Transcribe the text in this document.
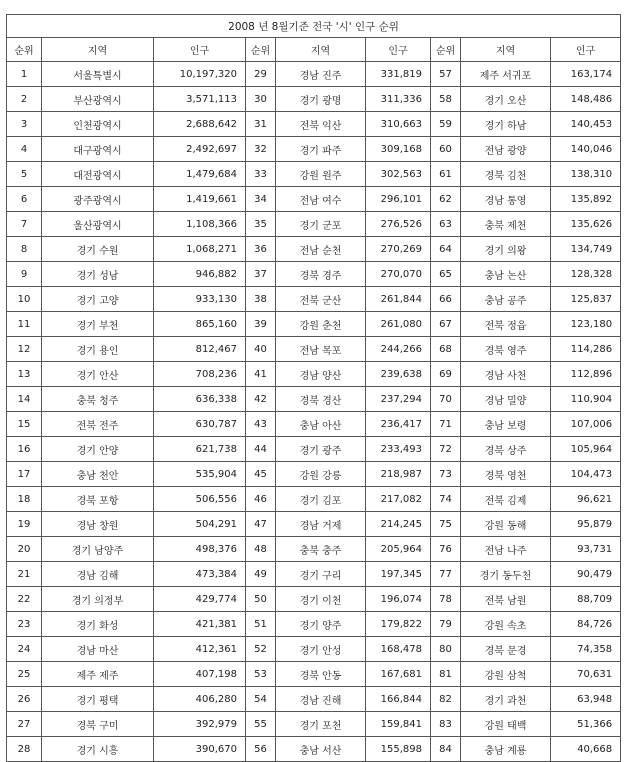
2008 년 8월기준 전국 '시' 인구 순위								
순위	지역	인구	순위	지역	인구	순위	지역	인구
1	서울특별시	10,197,320	29	경남 진주	331,819	57	제주 서귀포	163,174
2	부산광역시	3,571,113	30	경기 광명	311,336	58	경기 오산	148,486
3	인천광역시	2,688,642	31	전북 익산	310,663	59	경기 하남	140,453
4	대구광역시	2,492,697	32	경기 파주	309,168	60	전남 광양	140,046
5	대전광역시	1,479,684	33	강원 원주	302,563	61	경북 김천	138,310
6	광주광역시	1,419,661	34	전남 여수	296,101	62	경남 통영	135,892
7	울산광역시	1,108,366	35	경기 군포	276,526	63	충북 제천	135,626
8	경기 수원	1,068,271	36	전남 순천	270,269	64	경기 의왕	134,749
9	경기 성남	946,882	37	경북 경주	270,070	65	충남 논산	128,328
10	경기 고양	933,130	38	전북 군산	261,844	66	충남 공주	125,837
11	경기 부천	865,160	39	강원 춘천	261,080	67	전북 정읍	123,180
12	경기 용인	812,467	40	전남 목포	244,266	68	경북 영주	114,286
13	경기 안산	708,236	41	경남 양산	239,638	69	경남 사천	112,896
14	충북 청주	636,338	42	경북 경산	237,294	70	경남 밀양	110,904
15	전북 전주	630,787	43	충남 아산	236,417	71	충남 보령	107,006
16	경기 안양	621,738	44	경기 광주	233,493	72	경북 상주	105,964
17	충남 천안	535,904	45	강원 강릉	218,987	73	경북 영천	104,473
18	경북 포항	506,556	46	경기 김포	217,082	74	전북 김제	96,621
19	경남 창원	504,291	47	경남 거제	214,245	75	강원 동해	95,879
20	경기 남양주	498,376	48	충북 충주	205,964	76	전남 나주	93,731
21	경남 김해	473,384	49	경기 구리	197,345	77	경기 동두천	90,479
22	경기 의정부	429,774	50	경기 이천	196,074	78	전북 남원	88,709
23	경기 화성	421,381	51	경기 양주	179,822	79	강원 속초	84,726
24	경남 마산	412,361	52	경기 안성	168,478	80	경북 문경	74,358
25	제주 제주	407,198	53	경북 안동	167,681	81	강원 삼척	70,631
26	경기 평택	406,280	54	경남 진해	166,844	82	경기 과천	63,948
27	경북 구미	392,979	55	경기 포천	159,841	83	강원 태백	51,366
28	경기 시흥	390,670	56	충남 서산	155,898	84	충남 계룡	40,668
